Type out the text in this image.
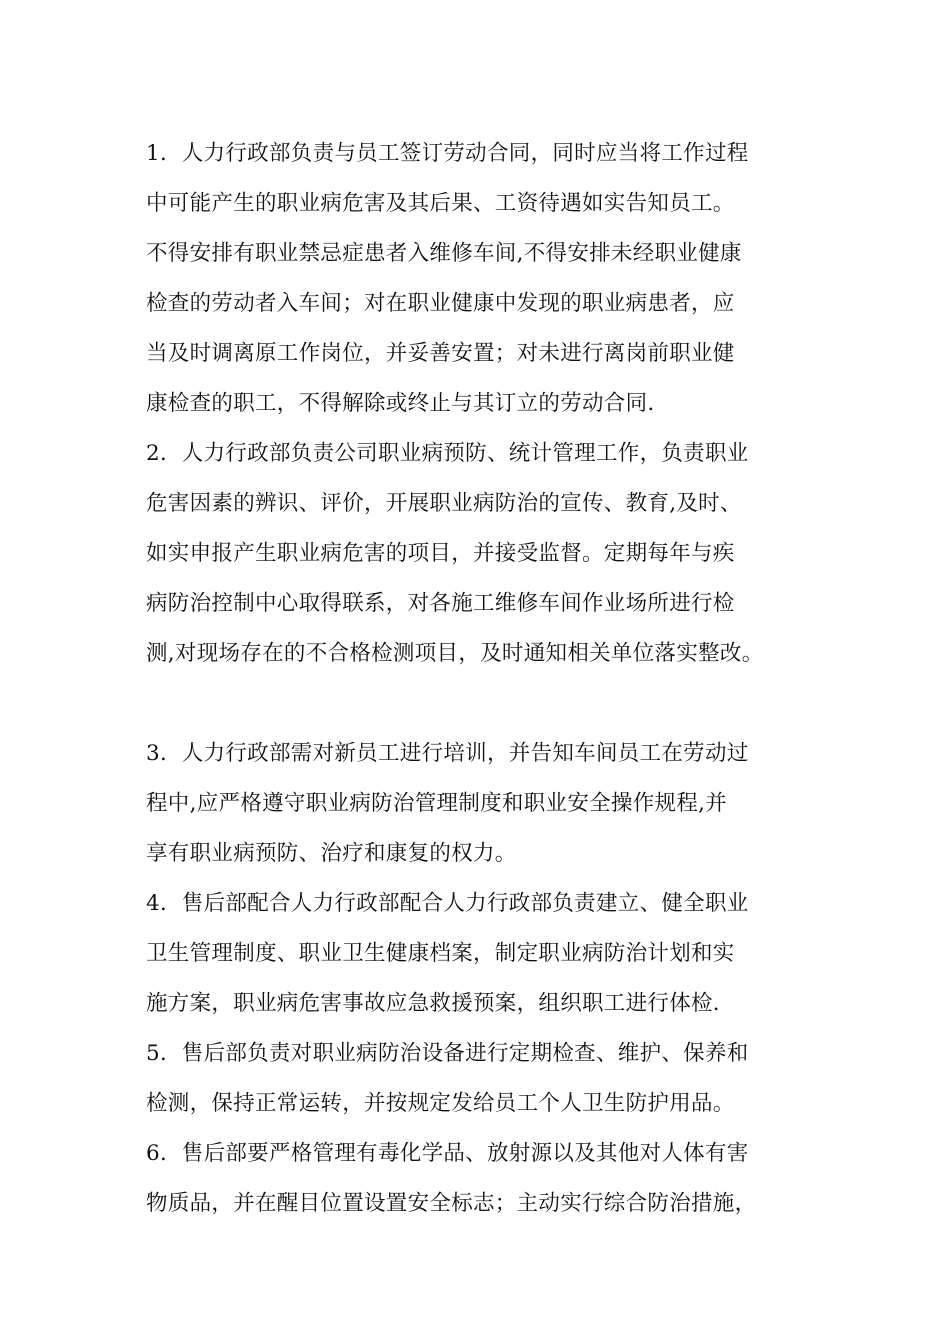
1．人力行政部负责与员工签订劳动合同，同时应当将工作过程
中可能产生的职业病危害及其后果、工资待遇如实告知员工。
不得安排有职业禁忌症患者入维修车间,不得安排未经职业健康
检查的劳动者入车间；对在职业健康中发现的职业病患者，应
当及时调离原工作岗位，并妥善安置；对未进行离岗前职业健
康检查的职工，不得解除或终止与其订立的劳动合同.
2．人力行政部负责公司职业病预防、统计管理工作，负责职业
危害因素的辨识、评价，开展职业病防治的宣传、教育,及时、
如实申报产生职业病危害的项目，并接受监督。定期每年与疾
病防治控制中心取得联系，对各施工维修车间作业场所进行检
测,对现场存在的不合格检测项目，及时通知相关单位落实整改。
3．人力行政部需对新员工进行培训，并告知车间员工在劳动过
程中,应严格遵守职业病防治管理制度和职业安全操作规程,并
享有职业病预防、治疗和康复的权力。
4．售后部配合人力行政部配合人力行政部负责建立、健全职业
卫生管理制度、职业卫生健康档案，制定职业病防治计划和实
施方案，职业病危害事故应急救援预案，组织职工进行体检.
5．售后部负责对职业病防治设备进行定期检查、维护、保养和
检测，保持正常运转，并按规定发给员工个人卫生防护用品。
6．售后部要严格管理有毒化学品、放射源以及其他对人体有害
物质品，并在醒目位置设置安全标志；主动实行综合防治措施，
